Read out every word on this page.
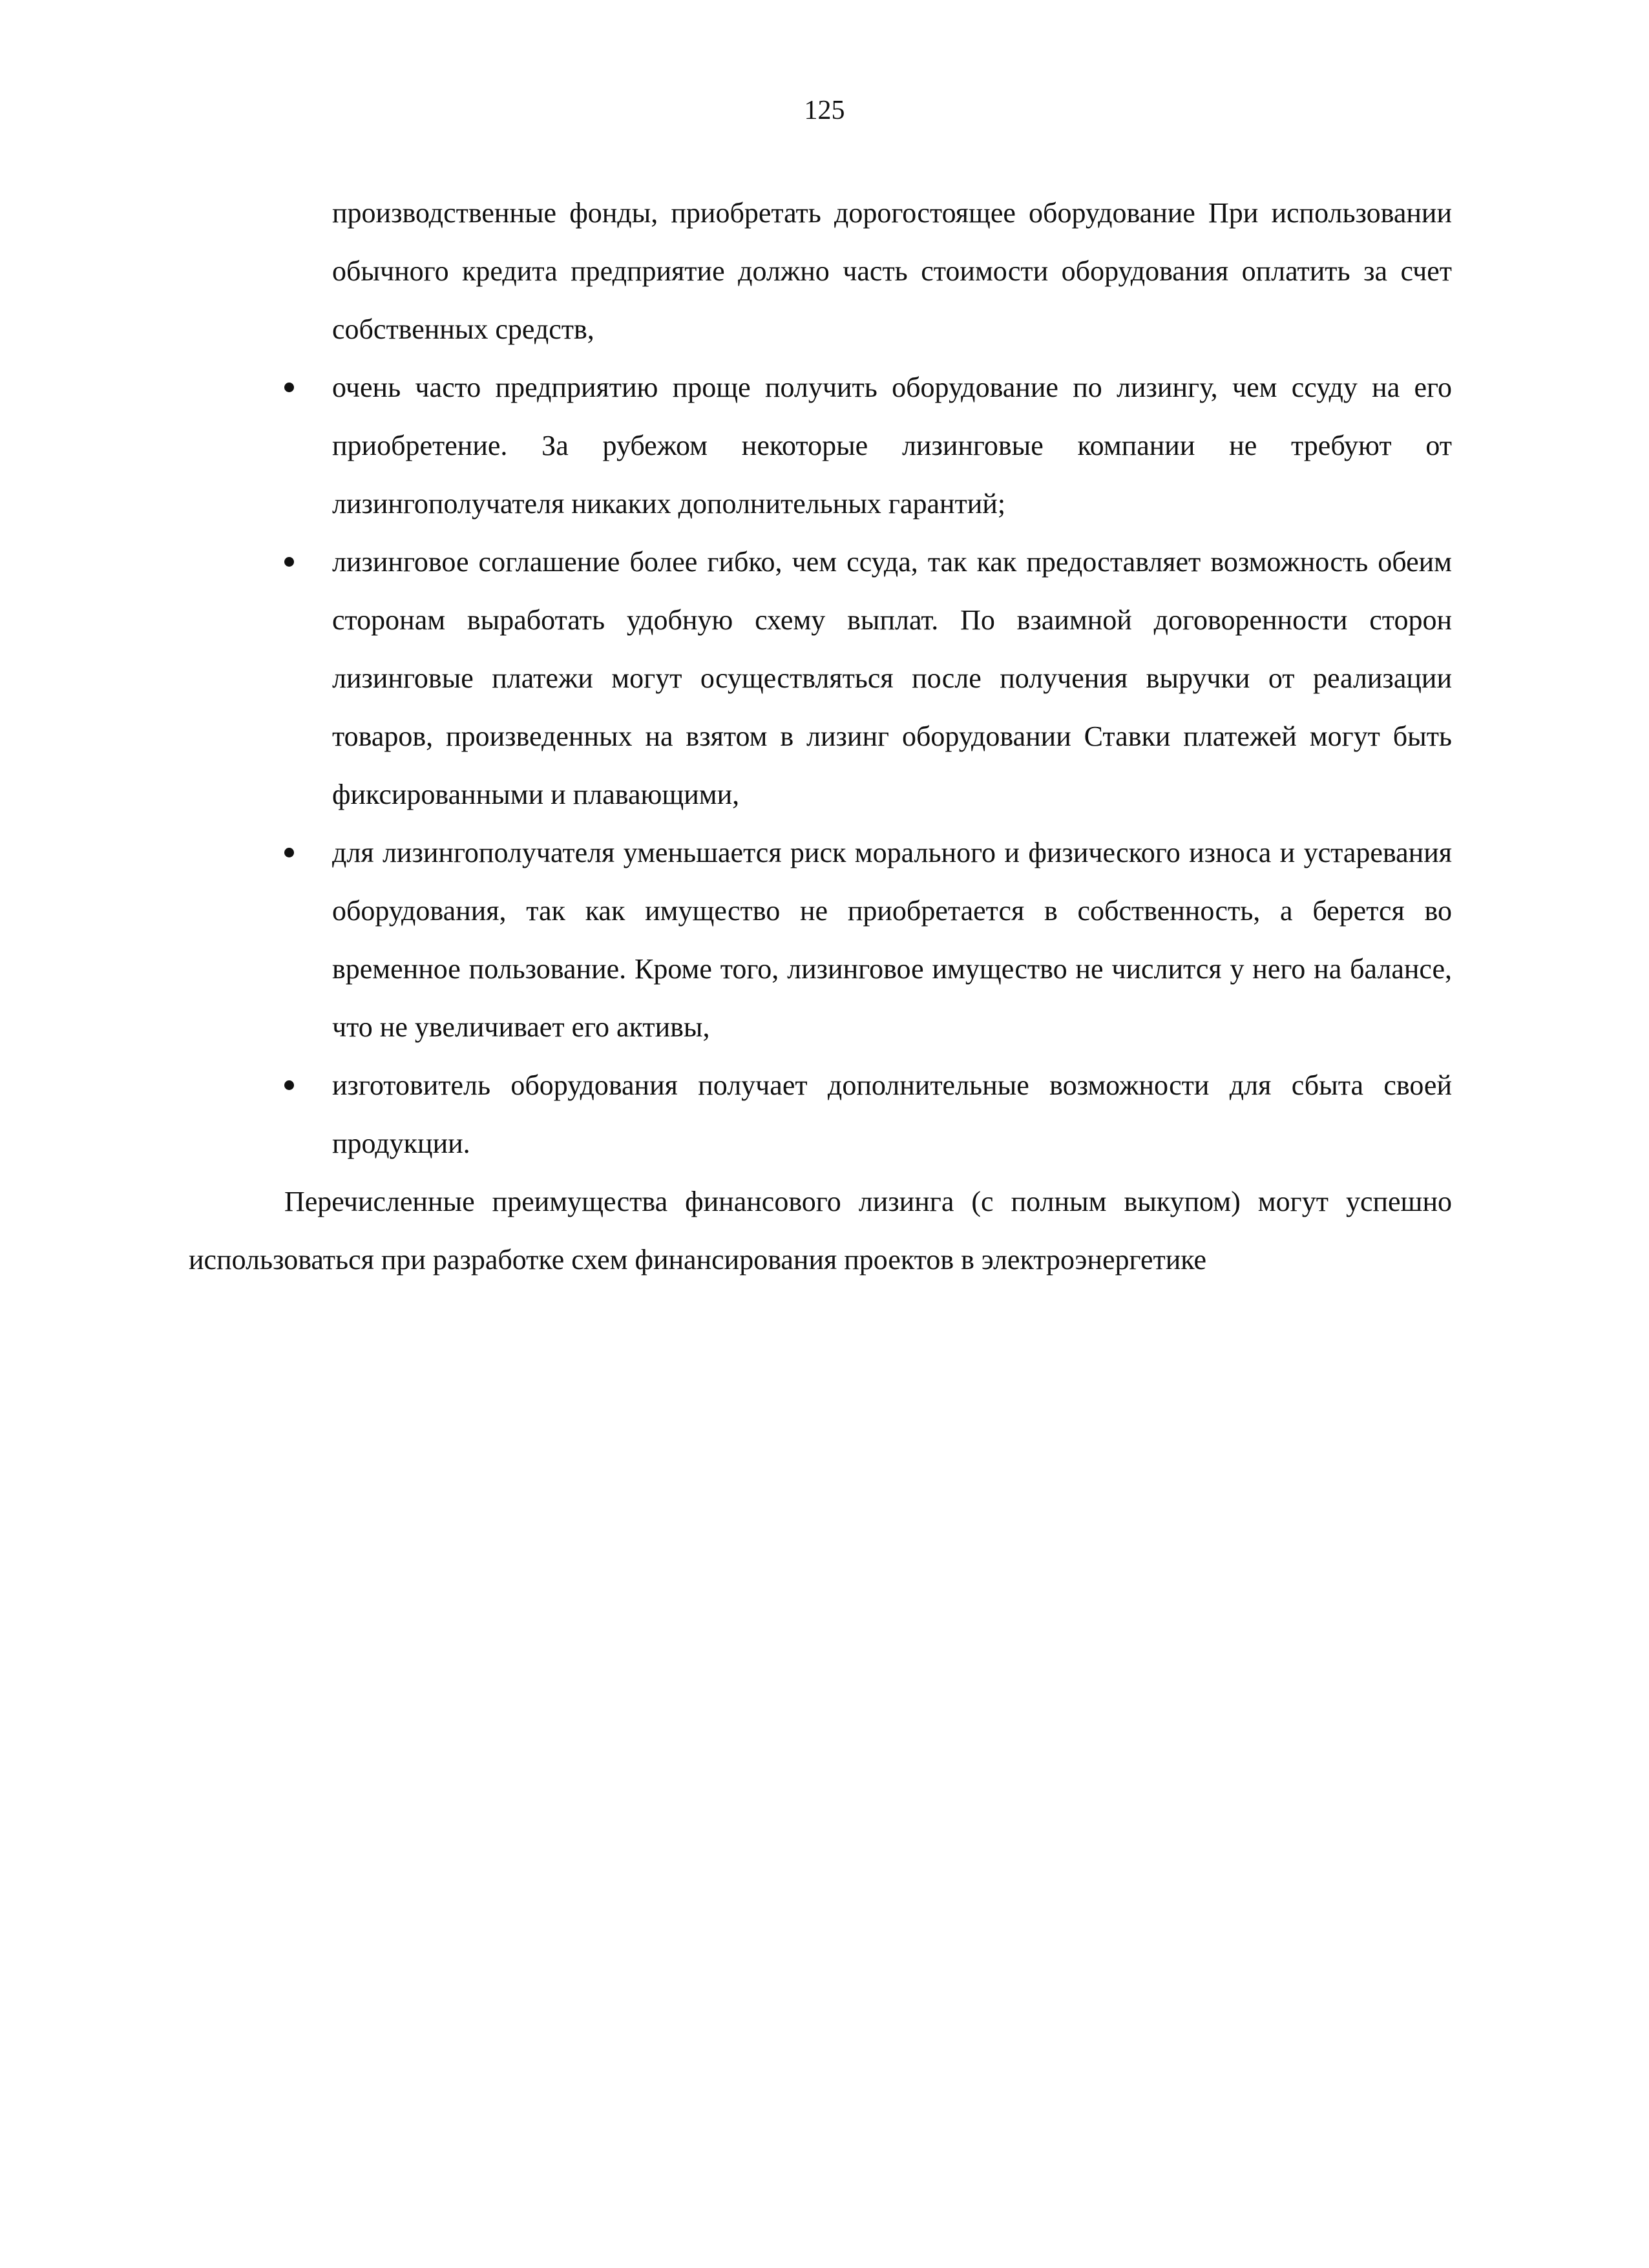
125

производственные фонды, приобретать дорогостоящее оборудование При использовании обычного кредита предприятие должно часть стоимости оборудования оплатить за счет собственных средств,

очень часто предприятию проще получить оборудование по лизингу, чем ссуду на его приобретение. За рубежом некоторые лизинговые компании не требуют от лизингополучателя никаких дополнительных гарантий;
лизинговое соглашение более гибко, чем ссуда, так как предоставляет возможность обеим сторонам выработать удобную схему выплат. По взаимной договоренности сторон лизинговые платежи могут осуществляться после получения выручки от реализации товаров, произведенных на взятом в лизинг оборудовании Ставки платежей могут быть фиксированными и плавающими,
для лизингополучателя уменьшается риск морального и физического износа и устаревания оборудования, так как имущество не приобретается в собственность, а берется во временное пользование. Кроме того, лизинговое имущество не числится у него на балансе, что не увеличивает его активы,
изготовитель оборудования получает дополнительные возможности для сбыта своей продукции.

Перечисленные преимущества финансового лизинга (с полным выкупом) могут успешно использоваться при разработке схем финансирования проектов в электроэнергетике
